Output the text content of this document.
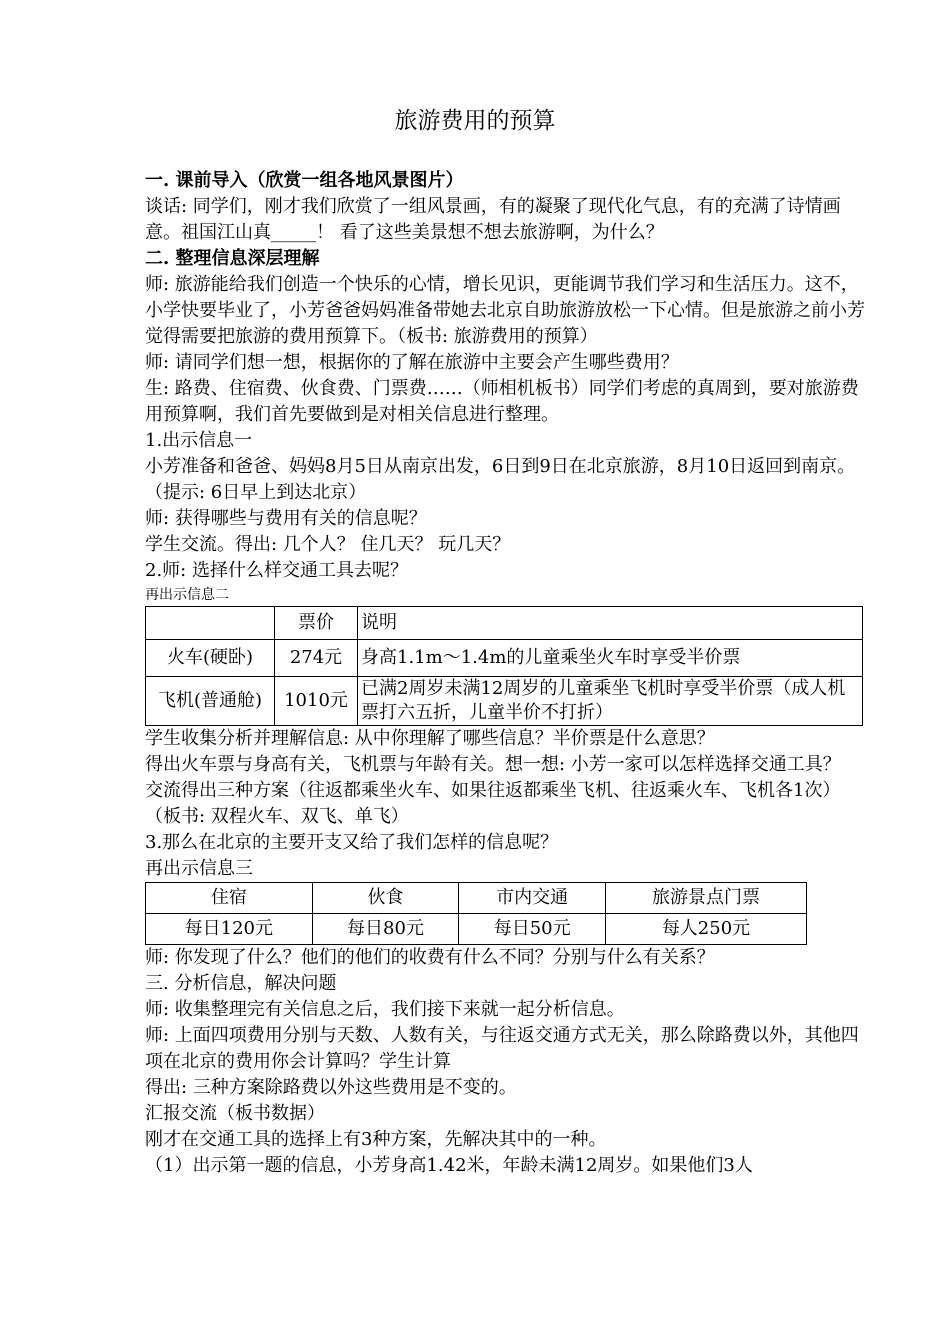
旅游费用的预算

一. 课前导入（欣赏一组各地风景图片）

谈话: 同学们，刚才我们欣赏了一组风景画，有的凝聚了现代化气息，有的充满了诗情画意。祖国江山真_____！ 看了这些美景想不想去旅游啊，为什么？

二. 整理信息深层理解

师: 旅游能给我们创造一个快乐的心情，增长见识，更能调节我们学习和生活压力。这不，小学快要毕业了，小芳爸爸妈妈准备带她去北京自助旅游放松一下心情。但是旅游之前小芳觉得需要把旅游的费用预算下。（板书: 旅游费用的预算）

师: 请同学们想一想，根据你的了解在旅游中主要会产生哪些费用？

生: 路费、住宿费、伙食费、门票费……（师相机板书）同学们考虑的真周到，要对旅游费用预算啊，我们首先要做到是对相关信息进行整理。

1.出示信息一

小芳准备和爸爸、妈妈8月5日从南京出发，6日到9日在北京旅游，8月10日返回到南京。（提示: 6日早上到达北京）

师: 获得哪些与费用有关的信息呢？

学生交流。得出: 几个人？ 住几天？ 玩几天？

2.师: 选择什么样交通工具去呢？

再出示信息二

	票价	说明
火车(硬卧)	274元	身高1.1m～1.4m的儿童乘坐火车时享受半价票
飞机(普通舱)	1010元	已满2周岁未满12周岁的儿童乘坐飞机时享受半价票（成人机票打六五折，儿童半价不打折）

学生收集分析并理解信息: 从中你理解了哪些信息？半价票是什么意思？

得出火车票与身高有关，飞机票与年龄有关。想一想: 小芳一家可以怎样选择交通工具？

交流得出三种方案（往返都乘坐火车、如果往返都乘坐飞机、往返乘火车、飞机各1次）（板书: 双程火车、双飞、单飞）

3.那么在北京的主要开支又给了我们怎样的信息呢？

再出示信息三

住宿	伙食	市内交通	旅游景点门票
每日120元	每日80元	每日50元	每人250元

师: 你发现了什么？他们的他们的收费有什么不同？分别与什么有关系？

三. 分析信息，解决问题

师: 收集整理完有关信息之后，我们接下来就一起分析信息。

师: 上面四项费用分别与天数、人数有关，与往返交通方式无关，那么除路费以外，其他四项在北京的费用你会计算吗？学生计算

得出: 三种方案除路费以外这些费用是不变的。

汇报交流（板书数据）

刚才在交通工具的选择上有3种方案，先解决其中的一种。

（1）出示第一题的信息，小芳身高1.42米，年龄未满12周岁。如果他们3人
